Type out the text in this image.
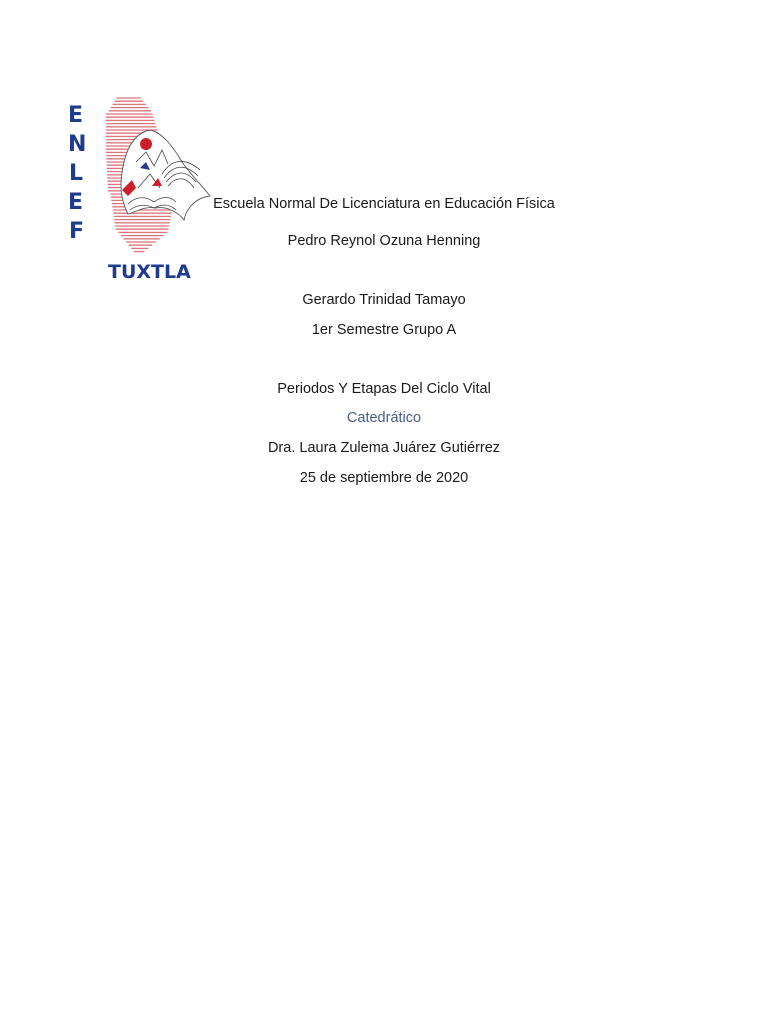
E
N
L
E
F
TUXTLA
Escuela Normal De Licenciatura en Educación Física
Pedro Reynol Ozuna Henning
Gerardo Trinidad Tamayo
1er Semestre Grupo A
Periodos Y Etapas Del Ciclo Vital
Catedrático
Dra. Laura Zulema Juárez Gutiérrez
25 de septiembre de 2020
